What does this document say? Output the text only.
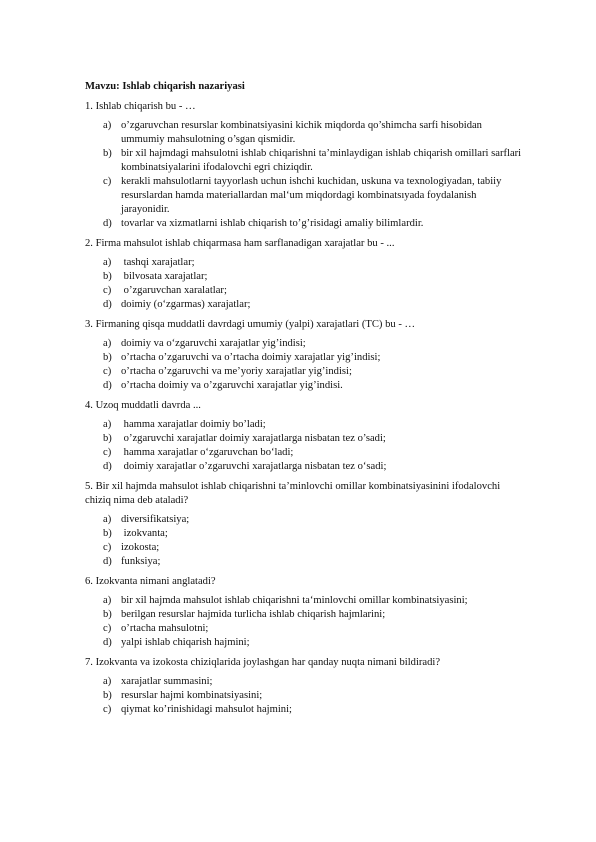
Mavzu: Ishlab chiqarish nazariyasi
1. Ishlab chiqarish bu - …
a) o’zgaruvchan resurslar kombinatsiyasini kichik miqdorda qo’shimcha sarfi hisobidan ummumiy mahsulotning o’sgan qismidir.
b) bir xil hajmdagi mahsulotni ishlab chiqarishni ta’minlaydigan ishlab chiqarish omillari sarflari kombinatsiyalarini ifodalovchi egri chiziqdir.
c) kerakli mahsulotlarni tayyorlash uchun ishchi kuchidan, uskuna va texnologiyadan, tabiiy resurslardan hamda materiallardan mal‘um miqdordagi kombinatsıyada foydalanish jarayonidir.
d) tovarlar va xizmatlarni ishlab chiqarish to’g’risidagi amaliy bilimlardir.
2. Firma mahsulot ishlab chiqarmasa ham sarflanadigan xarajatlar bu - ...
a) tashqi xarajatlar;
b) bilvosata xarajatlar;
c) o’zgaruvchan xaralatlar;
d) doimiy (o‘zgarmas) xarajatlar;
3. Firmaning qisqa muddatli davrdagi umumiy (yalpi) xarajatlari (TC) bu - …
a) doimiy va o‘zgaruvchi xarajatlar yig’indisi;
b) o’rtacha o’zgaruvchi va o’rtacha doimiy xarajatlar yig’indisi;
c) o’rtacha o’zgaruvchi va me’yoriy xarajatlar yig’indisi;
d) o’rtacha doimiy va o’zgaruvchi xarajatlar yig’indisi.
4. Uzoq muddatli davrda ...
a) hamma xarajatlar doimiy bo’ladi;
b) o’zgaruvchi xarajatlar doimiy xarajatlarga nisbatan tez o’sadi;
c) hamma xarajatlar o‘zgaruvchan bo‘ladi;
d) doimiy xarajatlar o’zgaruvchi xarajatlarga nisbatan tez o‘sadi;
5. Bir xil hajmda mahsulot ishlab chiqarishni ta’minlovchi omillar kombinatsiyasinini ifodalovchi chiziq nima deb ataladi?
a) diversifikatsiya;
b) izokvanta;
c) izokosta;
d) funksiya;
6. Izokvanta nimani anglatadi?
a) bir xil hajmda mahsulot ishlab chiqarishni ta‘minlovchi omillar kombinatsiyasini;
b) berilgan resurslar hajmida turlicha ishlab chiqarish hajmlarini;
c) o’rtacha mahsulotni;
d) yalpi ishlab chiqarish hajmini;
7. Izokvanta va izokosta chiziqlarida joylashgan har qanday nuqta nimani bildiradi?
a) xarajatlar summasini;
b) resurslar hajmi kombinatsiyasini;
c) qiymat ko’rinishidagi mahsulot hajmini;
